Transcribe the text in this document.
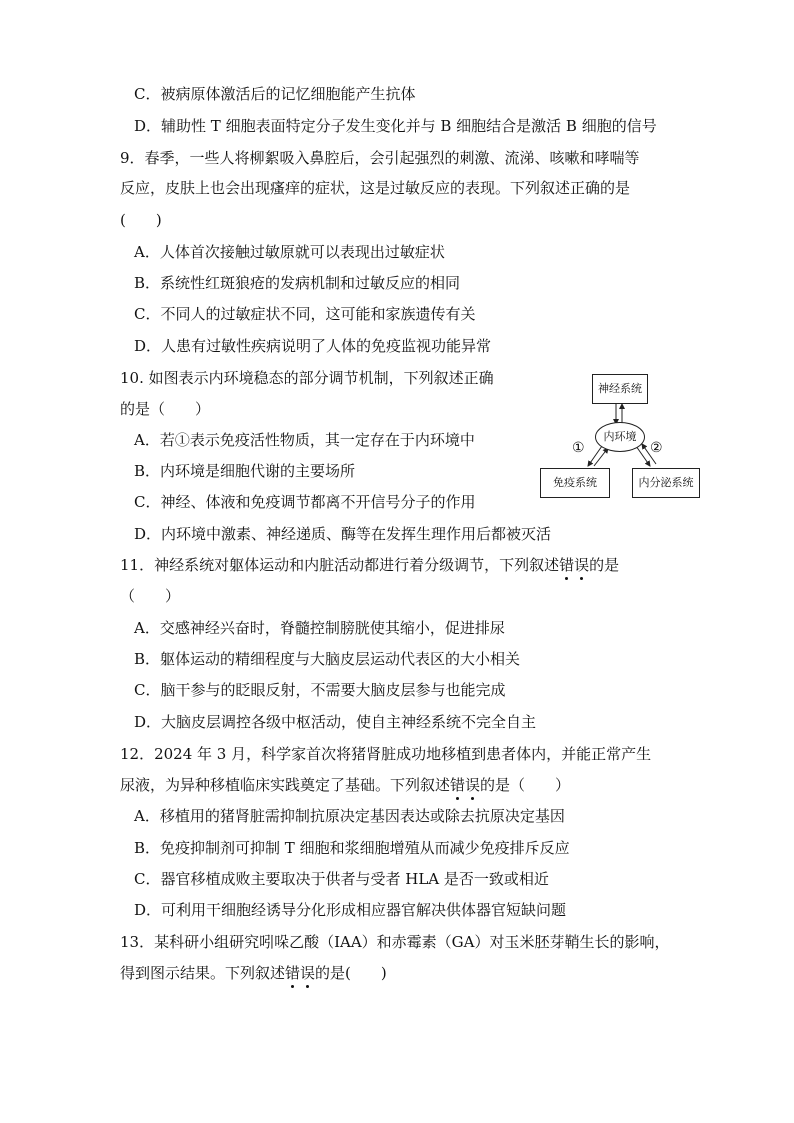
C．被病原体激活后的记忆细胞能产生抗体
D．辅助性 T 细胞表面特定分子发生变化并与 B 细胞结合是激活 B 细胞的信号
9．春季，一些人将柳絮吸入鼻腔后，会引起强烈的刺激、流涕、咳嗽和哮喘等
反应，皮肤上也会出现瘙痒的症状，这是过敏反应的表现。下列叙述正确的是
(　　)
A．人体首次接触过敏原就可以表现出过敏症状
B．系统性红斑狼疮的发病机制和过敏反应的相同
C．不同人的过敏症状不同，这可能和家族遗传有关
D．人患有过敏性疾病说明了人体的免疫监视功能异常
10. 如图表示内环境稳态的部分调节机制，下列叙述正确
的是（　　）
A．若①表示免疫活性物质，其一定存在于内环境中
B．内环境是细胞代谢的主要场所
C．神经、体液和免疫调节都离不开信号分子的作用
D．内环境中激素、神经递质、酶等在发挥生理作用后都被灭活
神经系统
内环境
免疫系统	内分泌系统
①	②
11．神经系统对躯体运动和内脏活动都进行着分级调节，下列叙述错误的是
（　　）
A．交感神经兴奋时，脊髓控制膀胱使其缩小，促进排尿
B．躯体运动的精细程度与大脑皮层运动代表区的大小相关
C．脑干参与的眨眼反射，不需要大脑皮层参与也能完成
D．大脑皮层调控各级中枢活动，使自主神经系统不完全自主
12．2024 年 3 月，科学家首次将猪肾脏成功地移植到患者体内，并能正常产生
尿液，为异种移植临床实践奠定了基础。下列叙述错误的是（　　）
A．移植用的猪肾脏需抑制抗原决定基因表达或除去抗原决定基因
B．免疫抑制剂可抑制 T 细胞和浆细胞增殖从而减少免疫排斥反应
C．器官移植成败主要取决于供者与受者 HLA 是否一致或相近
D．可利用干细胞经诱导分化形成相应器官解决供体器官短缺问题
13．某科研小组研究吲哚乙酸（IAA）和赤霉素（GA）对玉米胚芽鞘生长的影响，
得到图示结果。下列叙述错误的是(　　)
